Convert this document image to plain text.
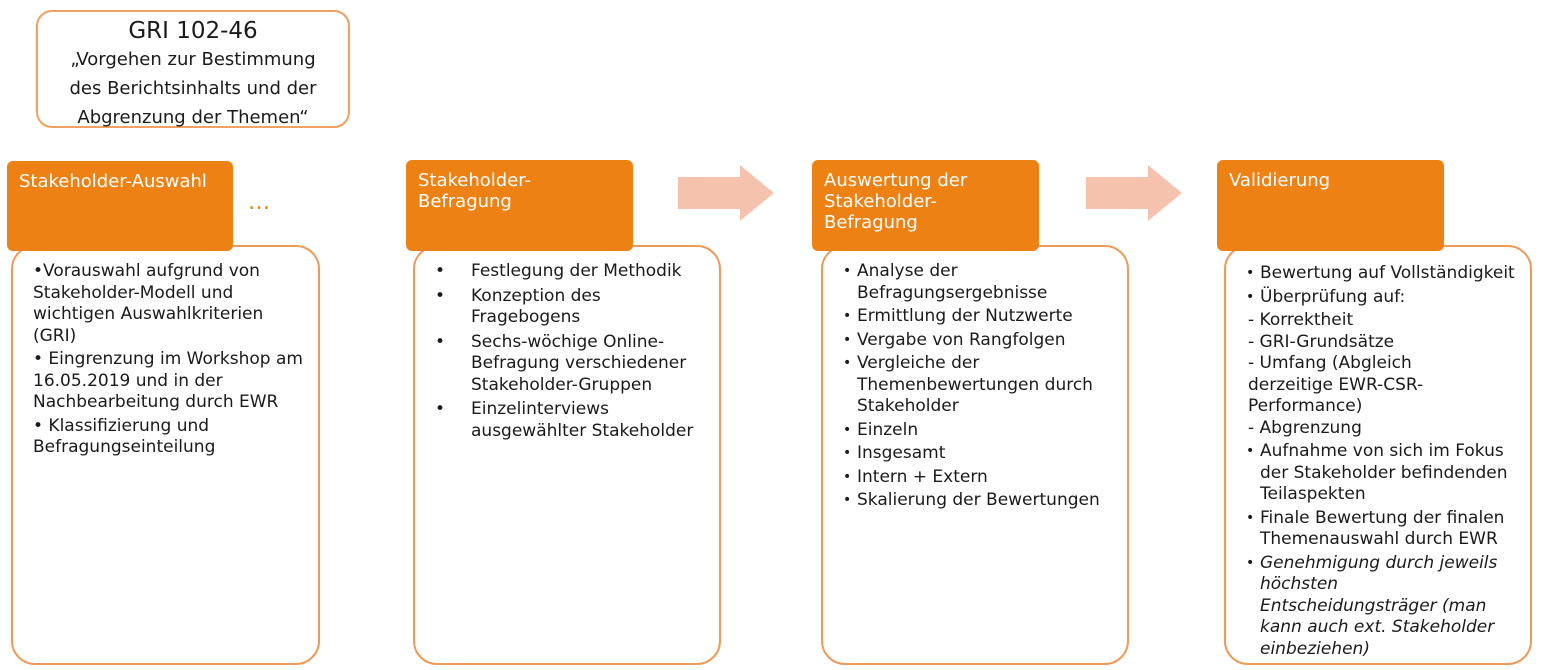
GRI 102-46
„Vorgehen zur Bestimmung
des Berichtsinhalts und der
Abgrenzung der Themen“
…
Stakeholder-Auswahl
•Vorauswahl aufgrund von Stakeholder-Modell und wichtigen Auswahlkriterien (GRI)
• Eingrenzung im Workshop am 16.05.2019 und in der Nachbearbeitung durch EWR
• Klassifizierung und Befragungseinteilung
Stakeholder-Befragung
• Festlegung der Methodik
• Konzeption des Fragebogens
• Sechs-wöchige Online-Befragung verschiedener Stakeholder-Gruppen
• Einzelinterviews ausgewählter Stakeholder
Auswertung der Stakeholder-Befragung
• Analyse der Befragungsergebnisse
• Ermittlung der Nutzwerte
• Vergabe von Rangfolgen
• Vergleiche der Themenbewertungen durch Stakeholder
• Einzeln
• Insgesamt
• Intern + Extern
• Skalierung der Bewertungen
Validierung
• Bewertung auf Vollständigkeit
• Überprüfung auf:
- Korrektheit
- GRI-Grundsätze
- Umfang (Abgleich derzeitige EWR-CSR-Performance)
- Abgrenzung
• Aufnahme von sich im Fokus der Stakeholder befindenden Teilaspekten
• Finale Bewertung der finalen Themenauswahl durch EWR
• Genehmigung durch jeweils höchsten Entscheidungsträger (man kann auch ext. Stakeholder einbeziehen)
